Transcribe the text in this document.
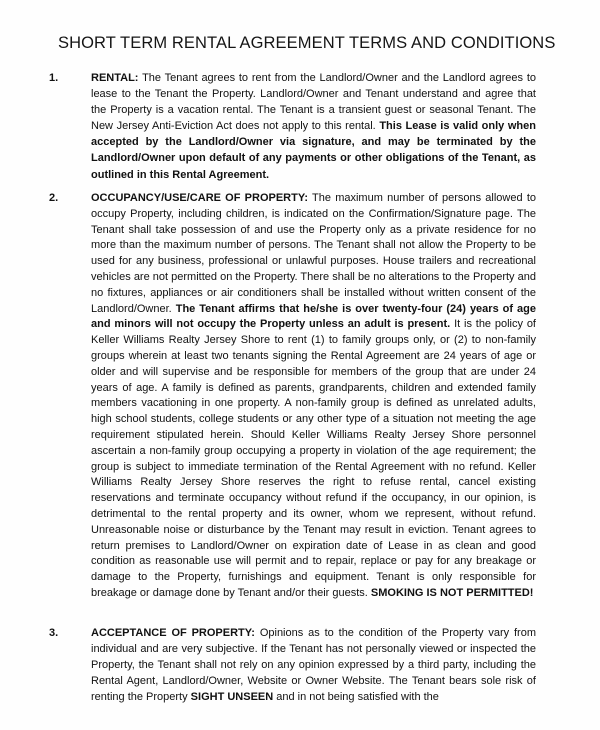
SHORT TERM RENTAL AGREEMENT TERMS AND CONDITIONS
1.	RENTAL: The Tenant agrees to rent from the Landlord/Owner and the Landlord agrees to lease to the Tenant the Property. Landlord/Owner and Tenant understand and agree that the Property is a vacation rental. The Tenant is a transient guest or seasonal Tenant. The New Jersey Anti-Eviction Act does not apply to this rental. This Lease is valid only when accepted by the Landlord/Owner via signature, and may be terminated by the Landlord/Owner upon default of any payments or other obligations of the Tenant, as outlined in this Rental Agreement.
2.	OCCUPANCY/USE/CARE OF PROPERTY: The maximum number of persons allowed to occupy Property, including children, is indicated on the Confirmation/Signature page. The Tenant shall take possession of and use the Property only as a private residence for no more than the maximum number of persons. The Tenant shall not allow the Property to be used for any business, professional or unlawful purposes. House trailers and recreational vehicles are not permitted on the Property. There shall be no alterations to the Property and no fixtures, appliances or air conditioners shall be installed without written consent of the Landlord/Owner. The Tenant affirms that he/she is over twenty-four (24) years of age and minors will not occupy the Property unless an adult is present. It is the policy of Keller Williams Realty Jersey Shore to rent (1) to family groups only, or (2) to non-family groups wherein at least two tenants signing the Rental Agreement are 24 years of age or older and will supervise and be responsible for members of the group that are under 24 years of age. A family is defined as parents, grandparents, children and extended family members vacationing in one property. A non-family group is defined as unrelated adults, high school students, college students or any other type of a situation not meeting the age requirement stipulated herein. Should Keller Williams Realty Jersey Shore personnel ascertain a non-family group occupying a property in violation of the age requirement; the group is subject to immediate termination of the Rental Agreement with no refund. Keller Williams Realty Jersey Shore reserves the right to refuse rental, cancel existing reservations and terminate occupancy without refund if the occupancy, in our opinion, is detrimental to the rental property and its owner, whom we represent, without refund. Unreasonable noise or disturbance by the Tenant may result in eviction. Tenant agrees to return premises to Landlord/Owner on expiration date of Lease in as clean and good condition as reasonable use will permit and to repair, replace or pay for any breakage or damage to the Property, furnishings and equipment. Tenant is only responsible for breakage or damage done by Tenant and/or their guests. SMOKING IS NOT PERMITTED!
3.	ACCEPTANCE OF PROPERTY: Opinions as to the condition of the Property vary from individual and are very subjective. If the Tenant has not personally viewed or inspected the Property, the Tenant shall not rely on any opinion expressed by a third party, including the Rental Agent, Landlord/Owner, Website or Owner Website. The Tenant bears sole risk of renting the Property SIGHT UNSEEN and in not being satisfied with the
